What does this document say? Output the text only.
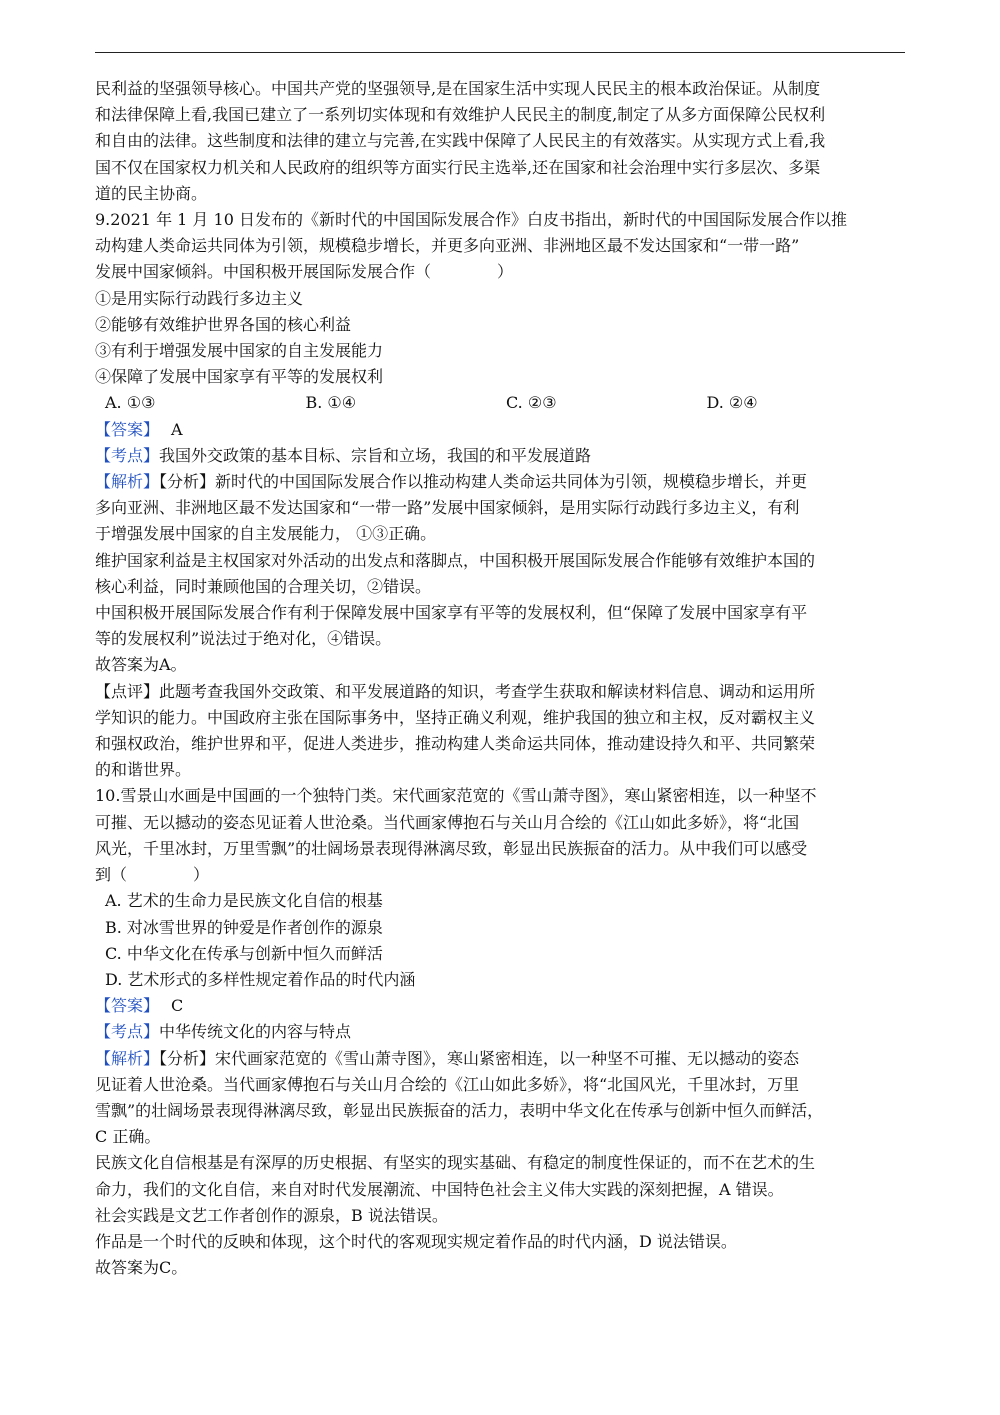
民利益的坚强领导核心。中国共产党的坚强领导,是在国家生活中实现人民民主的根本政治保证。从制度
和法律保障上看,我国已建立了一系列切实体现和有效维护人民民主的制度,制定了从多方面保障公民权利
和自由的法律。这些制度和法律的建立与完善,在实践中保障了人民民主的有效落实。从实现方式上看,我
国不仅在国家权力机关和人民政府的组织等方面实行民主选举,还在国家和社会治理中实行多层次、多渠
道的民主协商。
9.2021 年 1 月 10 日发布的《新时代的中国国际发展合作》白皮书指出，新时代的中国国际发展合作以推
动构建人类命运共同体为引领，规模稳步增长，并更多向亚洲、非洲地区最不发达国家和“一带一路”
发展中国家倾斜。中国积极开展国际发展合作（	）
①是用实际行动践行多边主义
②能够有效维护世界各国的核心利益
③有利于增强发展中国家的自主发展能力
④保障了发展中国家享有平等的发展权利
A. ①③	B. ①④	C. ②③	D. ②④
【答案】 A
【考点】我国外交政策的基本目标、宗旨和立场，我国的和平发展道路
【解析】【分析】新时代的中国国际发展合作以推动构建人类命运共同体为引领，规模稳步增长，并更
多向亚洲、非洲地区最不发达国家和“一带一路”发展中国家倾斜，是用实际行动践行多边主义，有利
于增强发展中国家的自主发展能力， ①③正确。
维护国家利益是主权国家对外活动的出发点和落脚点，中国积极开展国际发展合作能够有效维护本国的
核心利益，同时兼顾他国的合理关切，②错误。
中国积极开展国际发展合作有利于保障发展中国家享有平等的发展权利，但“保障了发展中国家享有平
等的发展权利”说法过于绝对化，④错误。
故答案为A。
【点评】此题考查我国外交政策、和平发展道路的知识，考查学生获取和解读材料信息、调动和运用所
学知识的能力。中国政府主张在国际事务中，坚持正确义利观，维护我国的独立和主权，反对霸权主义
和强权政治，维护世界和平，促进人类进步，推动构建人类命运共同体，推动建设持久和平、共同繁荣
的和谐世界。
10.雪景山水画是中国画的一个独特门类。宋代画家范宽的《雪山萧寺图》，寒山紧密相连，以一种坚不
可摧、无以撼动的姿态见证着人世沧桑。当代画家傅抱石与关山月合绘的《江山如此多娇》，将“北国
风光，千里冰封，万里雪飘”的壮阔场景表现得淋漓尽致，彰显出民族振奋的活力。从中我们可以感受
到（	）
A. 艺术的生命力是民族文化自信的根基
B. 对冰雪世界的钟爱是作者创作的源泉
C. 中华文化在传承与创新中恒久而鲜活
D. 艺术形式的多样性规定着作品的时代内涵
【答案】 C
【考点】中华传统文化的内容与特点
【解析】【分析】宋代画家范宽的《雪山萧寺图》，寒山紧密相连，以一种坚不可摧、无以撼动的姿态
见证着人世沧桑。当代画家傅抱石与关山月合绘的《江山如此多娇》，将“北国风光，千里冰封，万里
雪飘”的壮阔场景表现得淋漓尽致，彰显出民族振奋的活力，表明中华文化在传承与创新中恒久而鲜活，
C 正确。
民族文化自信根基是有深厚的历史根据、有坚实的现实基础、有稳定的制度性保证的，而不在艺术的生
命力，我们的文化自信，来自对时代发展潮流、中国特色社会主义伟大实践的深刻把握，A 错误。
社会实践是文艺工作者创作的源泉，B 说法错误。
作品是一个时代的反映和体现，这个时代的客观现实规定着作品的时代内涵，D 说法错误。
故答案为C。
